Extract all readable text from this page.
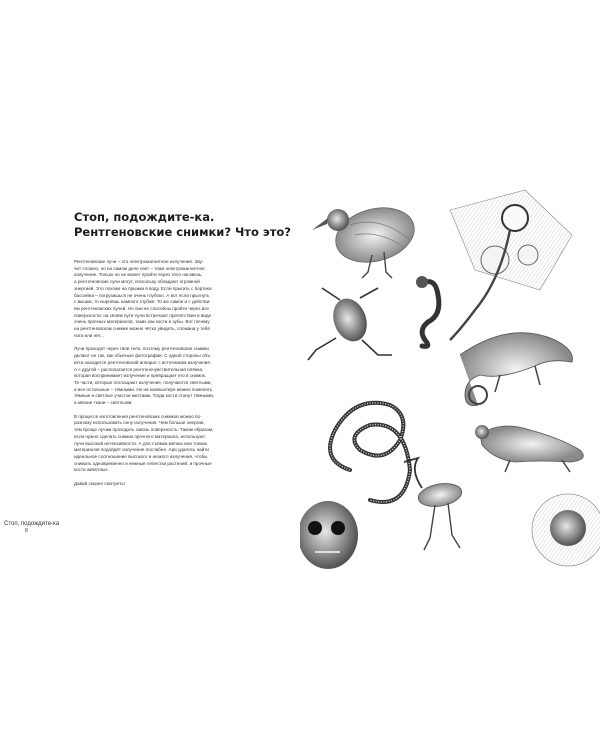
Стоп, подождите-ка.
Рентгеновские снимки? Что это?
Рентгеновские лучи – это электромагнитное излучение. Зву-
чит сложно, но на самом деле свет – тоже электромагнитное
излучение. Только он не может пройти через тело насквозь,
а рентгеновские лучи могут, поскольку обладают огромной
энергией. Это похоже на прыжки в воду. Если прыгать с бортика
бассейна – погрузишься не очень глубоко. А вот если прыгнуть
с вышки, то нырнёшь намного глубже. То же самое и с действи-
ем рентгеновских лучей. Но они не способны пройти через все
поверхности: на своём пути лучи встречают препятствия в виде
очень прочных материалов, таких как кости и зубы. Вот почему
на рентгеновском снимке можно чётко увидеть, сломана у тебя
нога или нет...
Лучи проходят через твоё тело, поэтому рентгеновские снимки
делают не так, как обычные фотографии. С одной стороны объ-
екта находится рентгеновский аппарат с источником излучения.
А с другой – располагается рентгеночувствительная плёнка,
которая воспринимает излучение и превращает его в снимок.
Те части, которые поглощают излучение, получаются светлыми,
а все остальные – тёмными. Но на компьютере можно поменять
тёмные и светлые участки местами. Тогда кости станут тёмными,
а мягкие ткани – светлыми.
В процессе изготовления рентгеновских снимков можно по-
разному использовать силу излучения. Чем больше энергии,
тем проще лучам проходить сквозь поверхность. Таким образом,
если нужно сделать снимок прочного материала, используют
лучи высокой интенсивности. А для съёмки мягких или тонких
материалов подойдёт излучение послабее. Ари удалось найти
идеальное соотношение высокого и низкого излучения, чтобы
снимать одновременно и нежные лепестки растений, и прочные
кости животных.
Давай скорее смотреть!
Стоп, подождите-ка
8
